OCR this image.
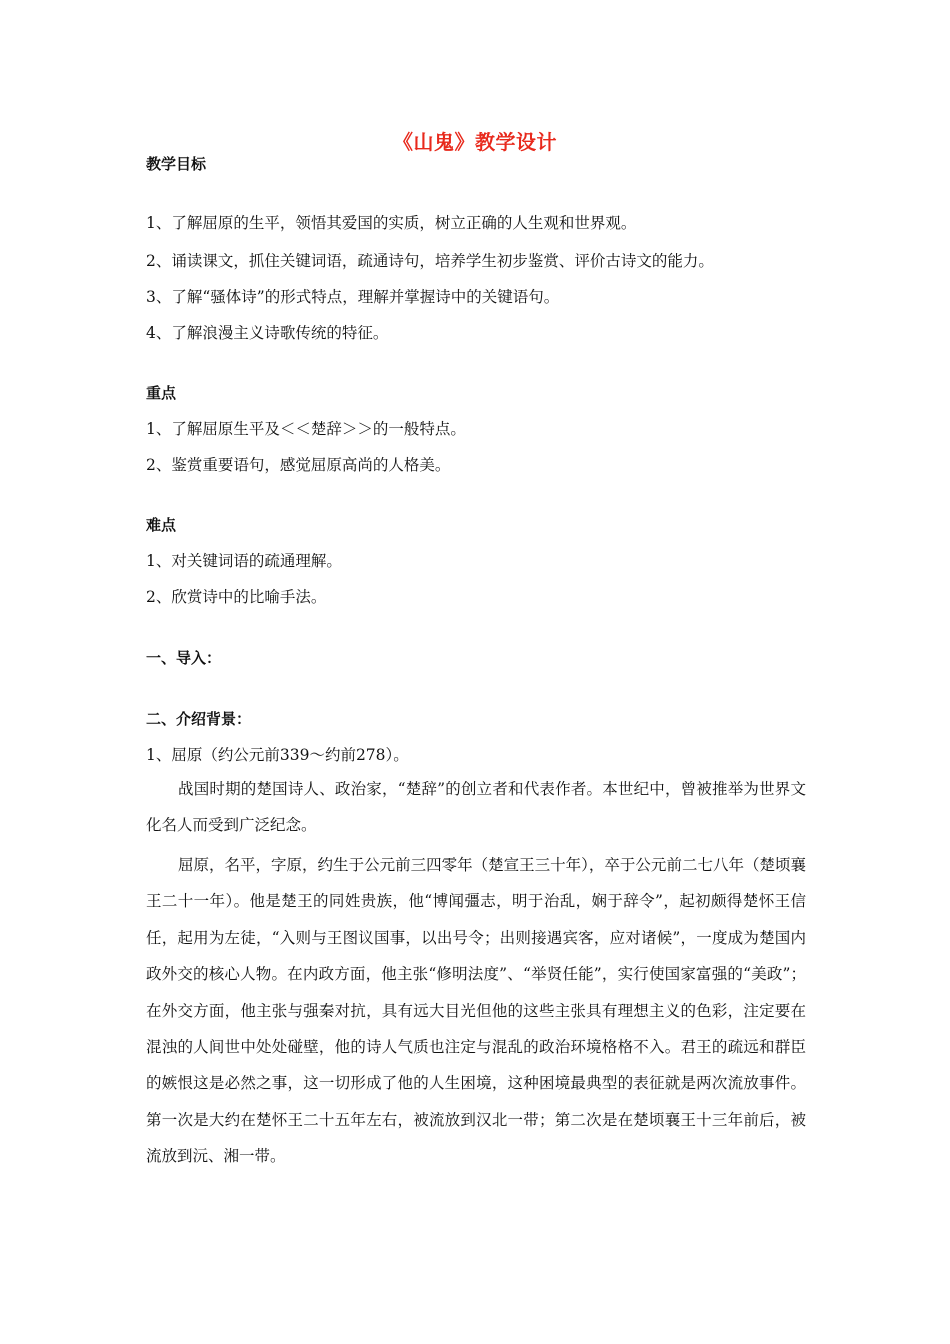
《山鬼》教学设计
教学目标
1、了解屈原的生平，领悟其爱国的实质，树立正确的人生观和世界观。
2、诵读课文，抓住关键词语，疏通诗句，培养学生初步鉴赏、评价古诗文的能力。
3、了解“骚体诗”的形式特点，理解并掌握诗中的关键语句。
4、了解浪漫主义诗歌传统的特征。
重点
1、了解屈原生平及＜＜楚辞＞＞的一般特点。
2、鉴赏重要语句，感觉屈原高尚的人格美。
难点
1、对关键词语的疏通理解。
2、欣赏诗中的比喻手法。
一、导入：
二、介绍背景：
1、屈原（约公元前339～约前278）。

战国时期的楚国诗人、政治家，“楚辞”的创立者和代表作者。本世纪中，曾被推举为世界文化名人而受到广泛纪念。

屈原，名平，字原，约生于公元前三四零年（楚宣王三十年），卒于公元前二七八年（楚顷襄王二十一年）。他是楚王的同姓贵族，他“博闻彊志，明于治乱，娴于辞令”，起初颇得楚怀王信任，起用为左徒，“入则与王图议国事，以出号令；出则接遇宾客，应对诸候”，一度成为楚国内政外交的核心人物。在内政方面，他主张“修明法度”、“举贤任能”，实行使国家富强的“美政”；在外交方面，他主张与强秦对抗，具有远大目光但他的这些主张具有理想主义的色彩，注定要在混浊的人间世中处处碰壁，他的诗人气质也注定与混乱的政治环境格格不入。君王的疏远和群臣的嫉恨这是必然之事，这一切形成了他的人生困境，这种困境最典型的表征就是两次流放事件。第一次是大约在楚怀王二十五年左右，被流放到汉北一带；第二次是在楚顷襄王十三年前后，被流放到沅、湘一带。
